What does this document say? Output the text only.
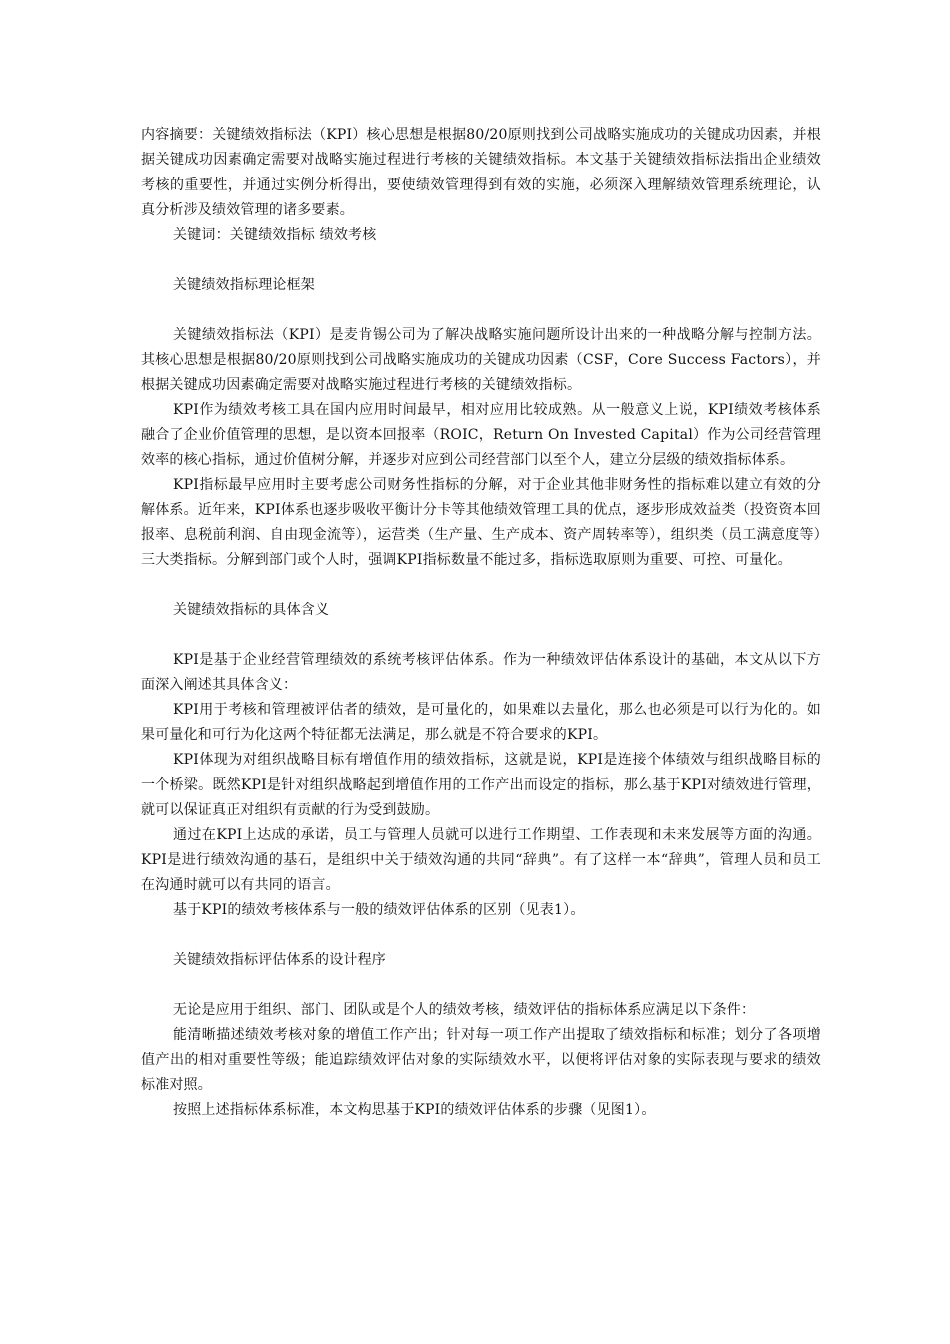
内容摘要：关键绩效指标法（KPI）核心思想是根据80/20原则找到公司战略实施成功的关键成功因素，并根据关键成功因素确定需要对战略实施过程进行考核的关键绩效指标。本文基于关键绩效指标法指出企业绩效考核的重要性，并通过实例分析得出，要使绩效管理得到有效的实施，必须深入理解绩效管理系统理论，认真分析涉及绩效管理的诸多要素。

关键词：关键绩效指标 绩效考核

关键绩效指标理论框架

关键绩效指标法（KPI）是麦肯锡公司为了解决战略实施问题所设计出来的一种战略分解与控制方法。其核心思想是根据80/20原则找到公司战略实施成功的关键成功因素（CSF，Core Success Factors），并根据关键成功因素确定需要对战略实施过程进行考核的关键绩效指标。

KPI作为绩效考核工具在国内应用时间最早，相对应用比较成熟。从一般意义上说，KPI绩效考核体系融合了企业价值管理的思想，是以资本回报率（ROIC，Return On Invested Capital）作为公司经营管理效率的核心指标，通过价值树分解，并逐步对应到公司经营部门以至个人，建立分层级的绩效指标体系。

KPI指标最早应用时主要考虑公司财务性指标的分解，对于企业其他非财务性的指标难以建立有效的分解体系。近年来，KPI体系也逐步吸收平衡计分卡等其他绩效管理工具的优点，逐步形成效益类（投资资本回报率、息税前利润、自由现金流等），运营类（生产量、生产成本、资产周转率等），组织类（员工满意度等）三大类指标。分解到部门或个人时，强调KPI指标数量不能过多，指标选取原则为重要、可控、可量化。

关键绩效指标的具体含义

KPI是基于企业经营管理绩效的系统考核评估体系。作为一种绩效评估体系设计的基础，本文从以下方面深入阐述其具体含义：

KPI用于考核和管理被评估者的绩效，是可量化的，如果难以去量化，那么也必须是可以行为化的。如果可量化和可行为化这两个特征都无法满足，那么就是不符合要求的KPI。

KPI体现为对组织战略目标有增值作用的绩效指标，这就是说，KPI是连接个体绩效与组织战略目标的一个桥梁。既然KPI是针对组织战略起到增值作用的工作产出而设定的指标，那么基于KPI对绩效进行管理，就可以保证真正对组织有贡献的行为受到鼓励。

通过在KPI上达成的承诺，员工与管理人员就可以进行工作期望、工作表现和未来发展等方面的沟通。KPI是进行绩效沟通的基石，是组织中关于绩效沟通的共同“辞典”。有了这样一本“辞典”，管理人员和员工在沟通时就可以有共同的语言。

基于KPI的绩效考核体系与一般的绩效评估体系的区别（见表1）。

关键绩效指标评估体系的设计程序

无论是应用于组织、部门、团队或是个人的绩效考核，绩效评估的指标体系应满足以下条件：

能清晰描述绩效考核对象的增值工作产出；针对每一项工作产出提取了绩效指标和标准；划分了各项增值产出的相对重要性等级；能追踪绩效评估对象的实际绩效水平，以便将评估对象的实际表现与要求的绩效标准对照。

按照上述指标体系标准，本文构思基于KPI的绩效评估体系的步骤（见图1）。
